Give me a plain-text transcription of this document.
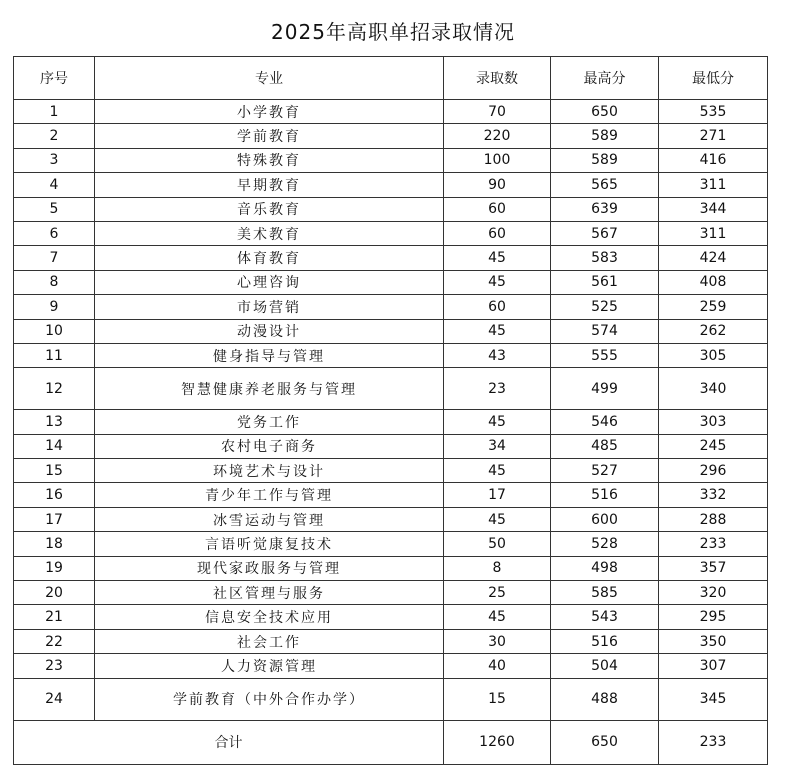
2025年高职单招录取情况
序号	专业	录取数	最高分	最低分
1	小学教育	70	650	535
2	学前教育	220	589	271
3	特殊教育	100	589	416
4	早期教育	90	565	311
5	音乐教育	60	639	344
6	美术教育	60	567	311
7	体育教育	45	583	424
8	心理咨询	45	561	408
9	市场营销	60	525	259
10	动漫设计	45	574	262
11	健身指导与管理	43	555	305
12	智慧健康养老服务与管理	23	499	340
13	党务工作	45	546	303
14	农村电子商务	34	485	245
15	环境艺术与设计	45	527	296
16	青少年工作与管理	17	516	332
17	冰雪运动与管理	45	600	288
18	言语听觉康复技术	50	528	233
19	现代家政服务与管理	8	498	357
20	社区管理与服务	25	585	320
21	信息安全技术应用	45	543	295
22	社会工作	30	516	350
23	人力资源管理	40	504	307
24	学前教育（中外合作办学）	15	488	345
合计		1260	650	233
